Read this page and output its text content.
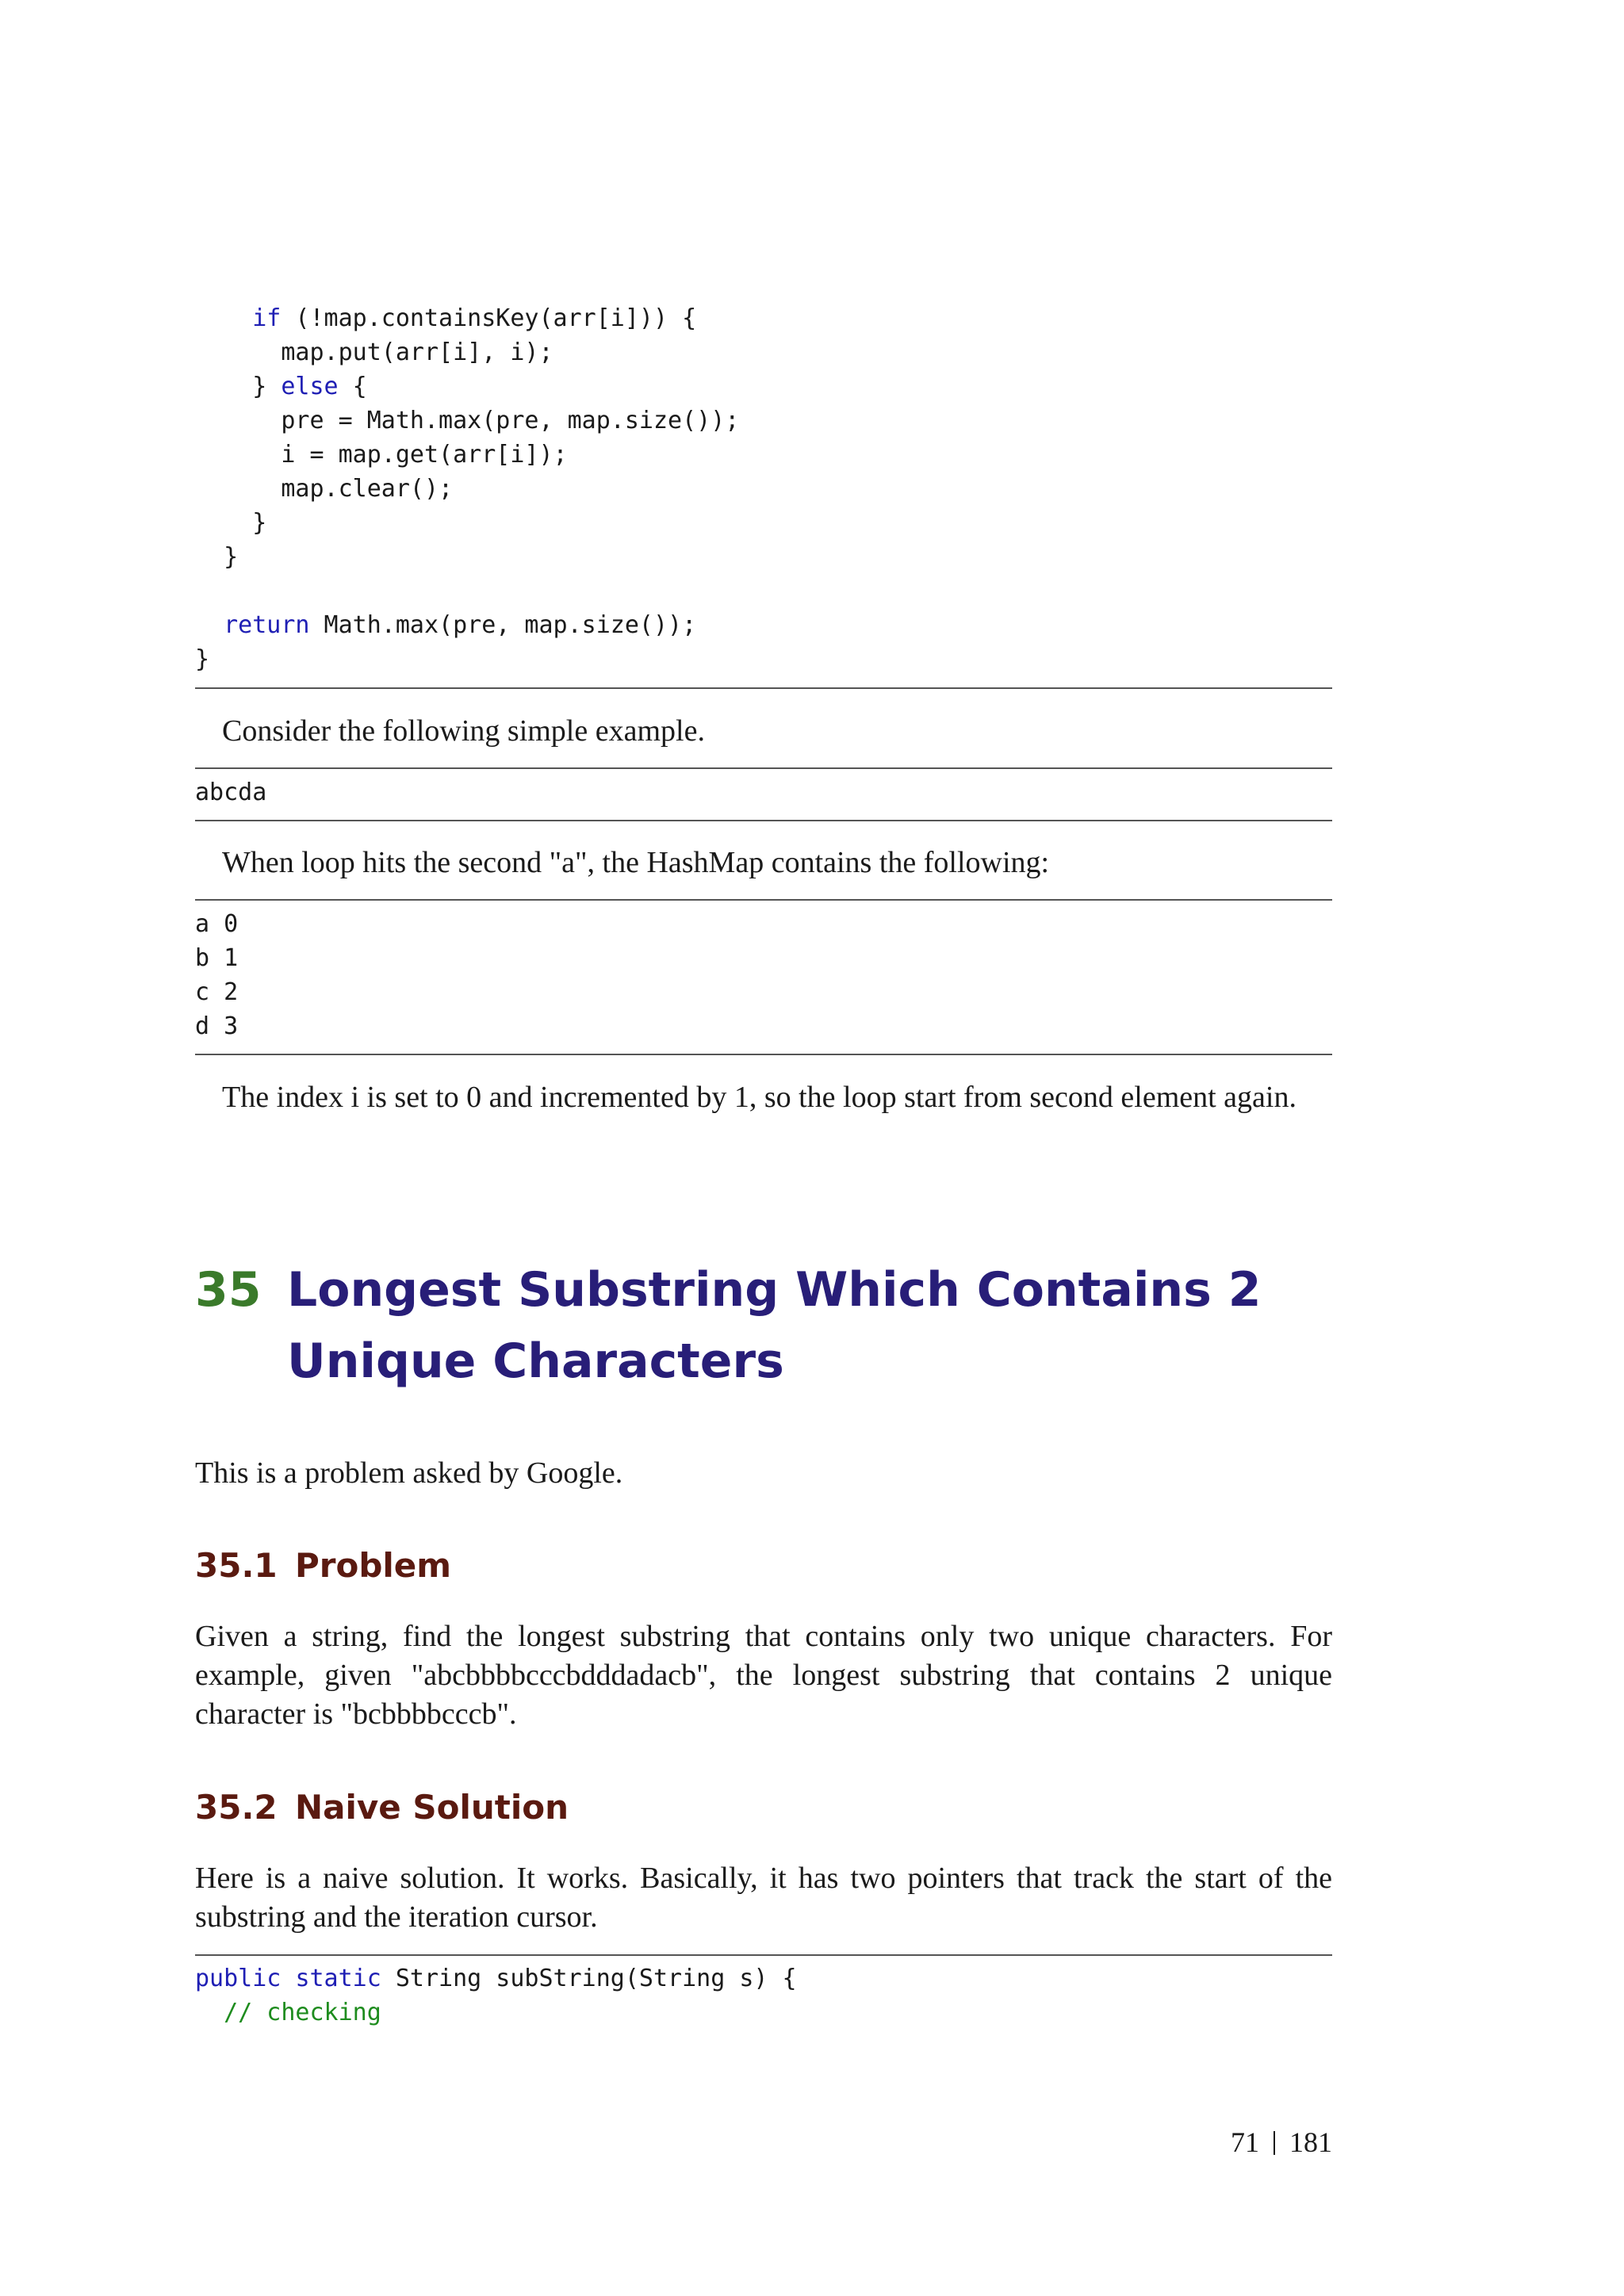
if (!map.containsKey(arr[i])) {
map.put(arr[i], i);
} else {
pre = Math.max(pre, map.size());
i = map.get(arr[i]);
map.clear();
}
}
return Math.max(pre, map.size());
}
Consider the following simple example.
abcda
When loop hits the second "a", the HashMap contains the following:
a 0
b 1
c 2
d 3
The index i is set to 0 and incremented by 1, so the loop start from second element again.
35 Longest Substring Which Contains 2
Unique Characters
This is a problem asked by Google.
35.1 Problem
Given a string, find the longest substring that contains only two unique characters. For example, given "abcbbbbcccbdddadacb", the longest substring that contains 2 unique character is "bcbbbbcccb".
35.2 Naive Solution
Here is a naive solution. It works. Basically, it has two pointers that track the start of the substring and the iteration cursor.
public static String subString(String s) {
// checking
71 181
